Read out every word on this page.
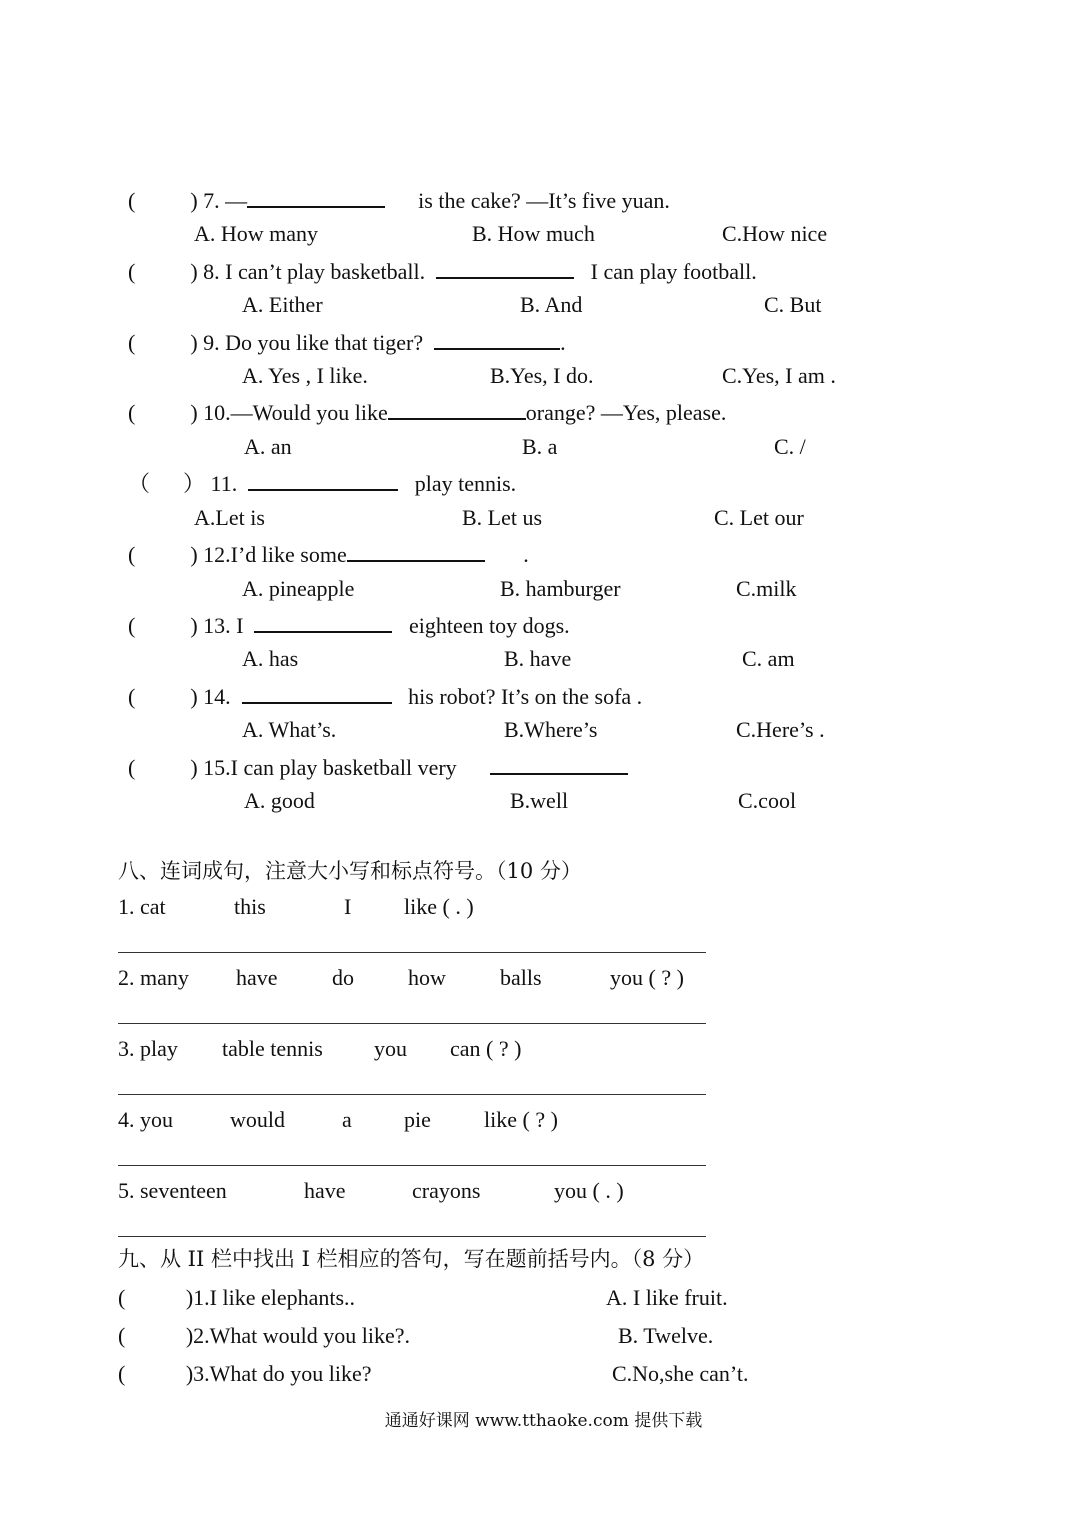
(          ) 7. —	is the cake? —It’s five yuan.
A. How many	B. How much	C.How nice
(          ) 8. I can’t play basketball.	I can play football.
A. Either	B. And	C. But
(          ) 9. Do you like that tiger?	.
A. Yes , I like.	B.Yes, I do.	C.Yes, I am .
(          ) 10.—Would you like	orange? —Yes, please.
A. an	B. a	C. /
（      ） 11.	play tennis.
A.Let is	B. Let us	C. Let our
(          ) 12.I’d like some	.
A. pineapple	B. hamburger	C.milk
(          ) 13. I	eighteen toy dogs.
A. has	B. have	C. am
(          ) 14.	his robot? It’s on the sofa .
A. What’s.	B.Where’s	C.Here’s .
(          ) 15.I can play basketball very
A. good	B.well	C.cool
八、连词成句，注意大小写和标点符号。（10 分）
1. cat	this	I like ( . )
2. many have do how balls	you ( ? )
3. play table tennis you can ( ? )
4. you	would	a pie like ( ? )
5. seventeen	have	crayons	you ( . )
九、从 II 栏中找出 I 栏相应的答句，写在题前括号内。（8 分）
(           )1.I like elephants..	A. I like fruit.
(           )2.What would you like?.	B. Twelve.
(           )3.What do you like?	C.No,she can’t.
通通好课网 www.tthaoke.com 提供下载
